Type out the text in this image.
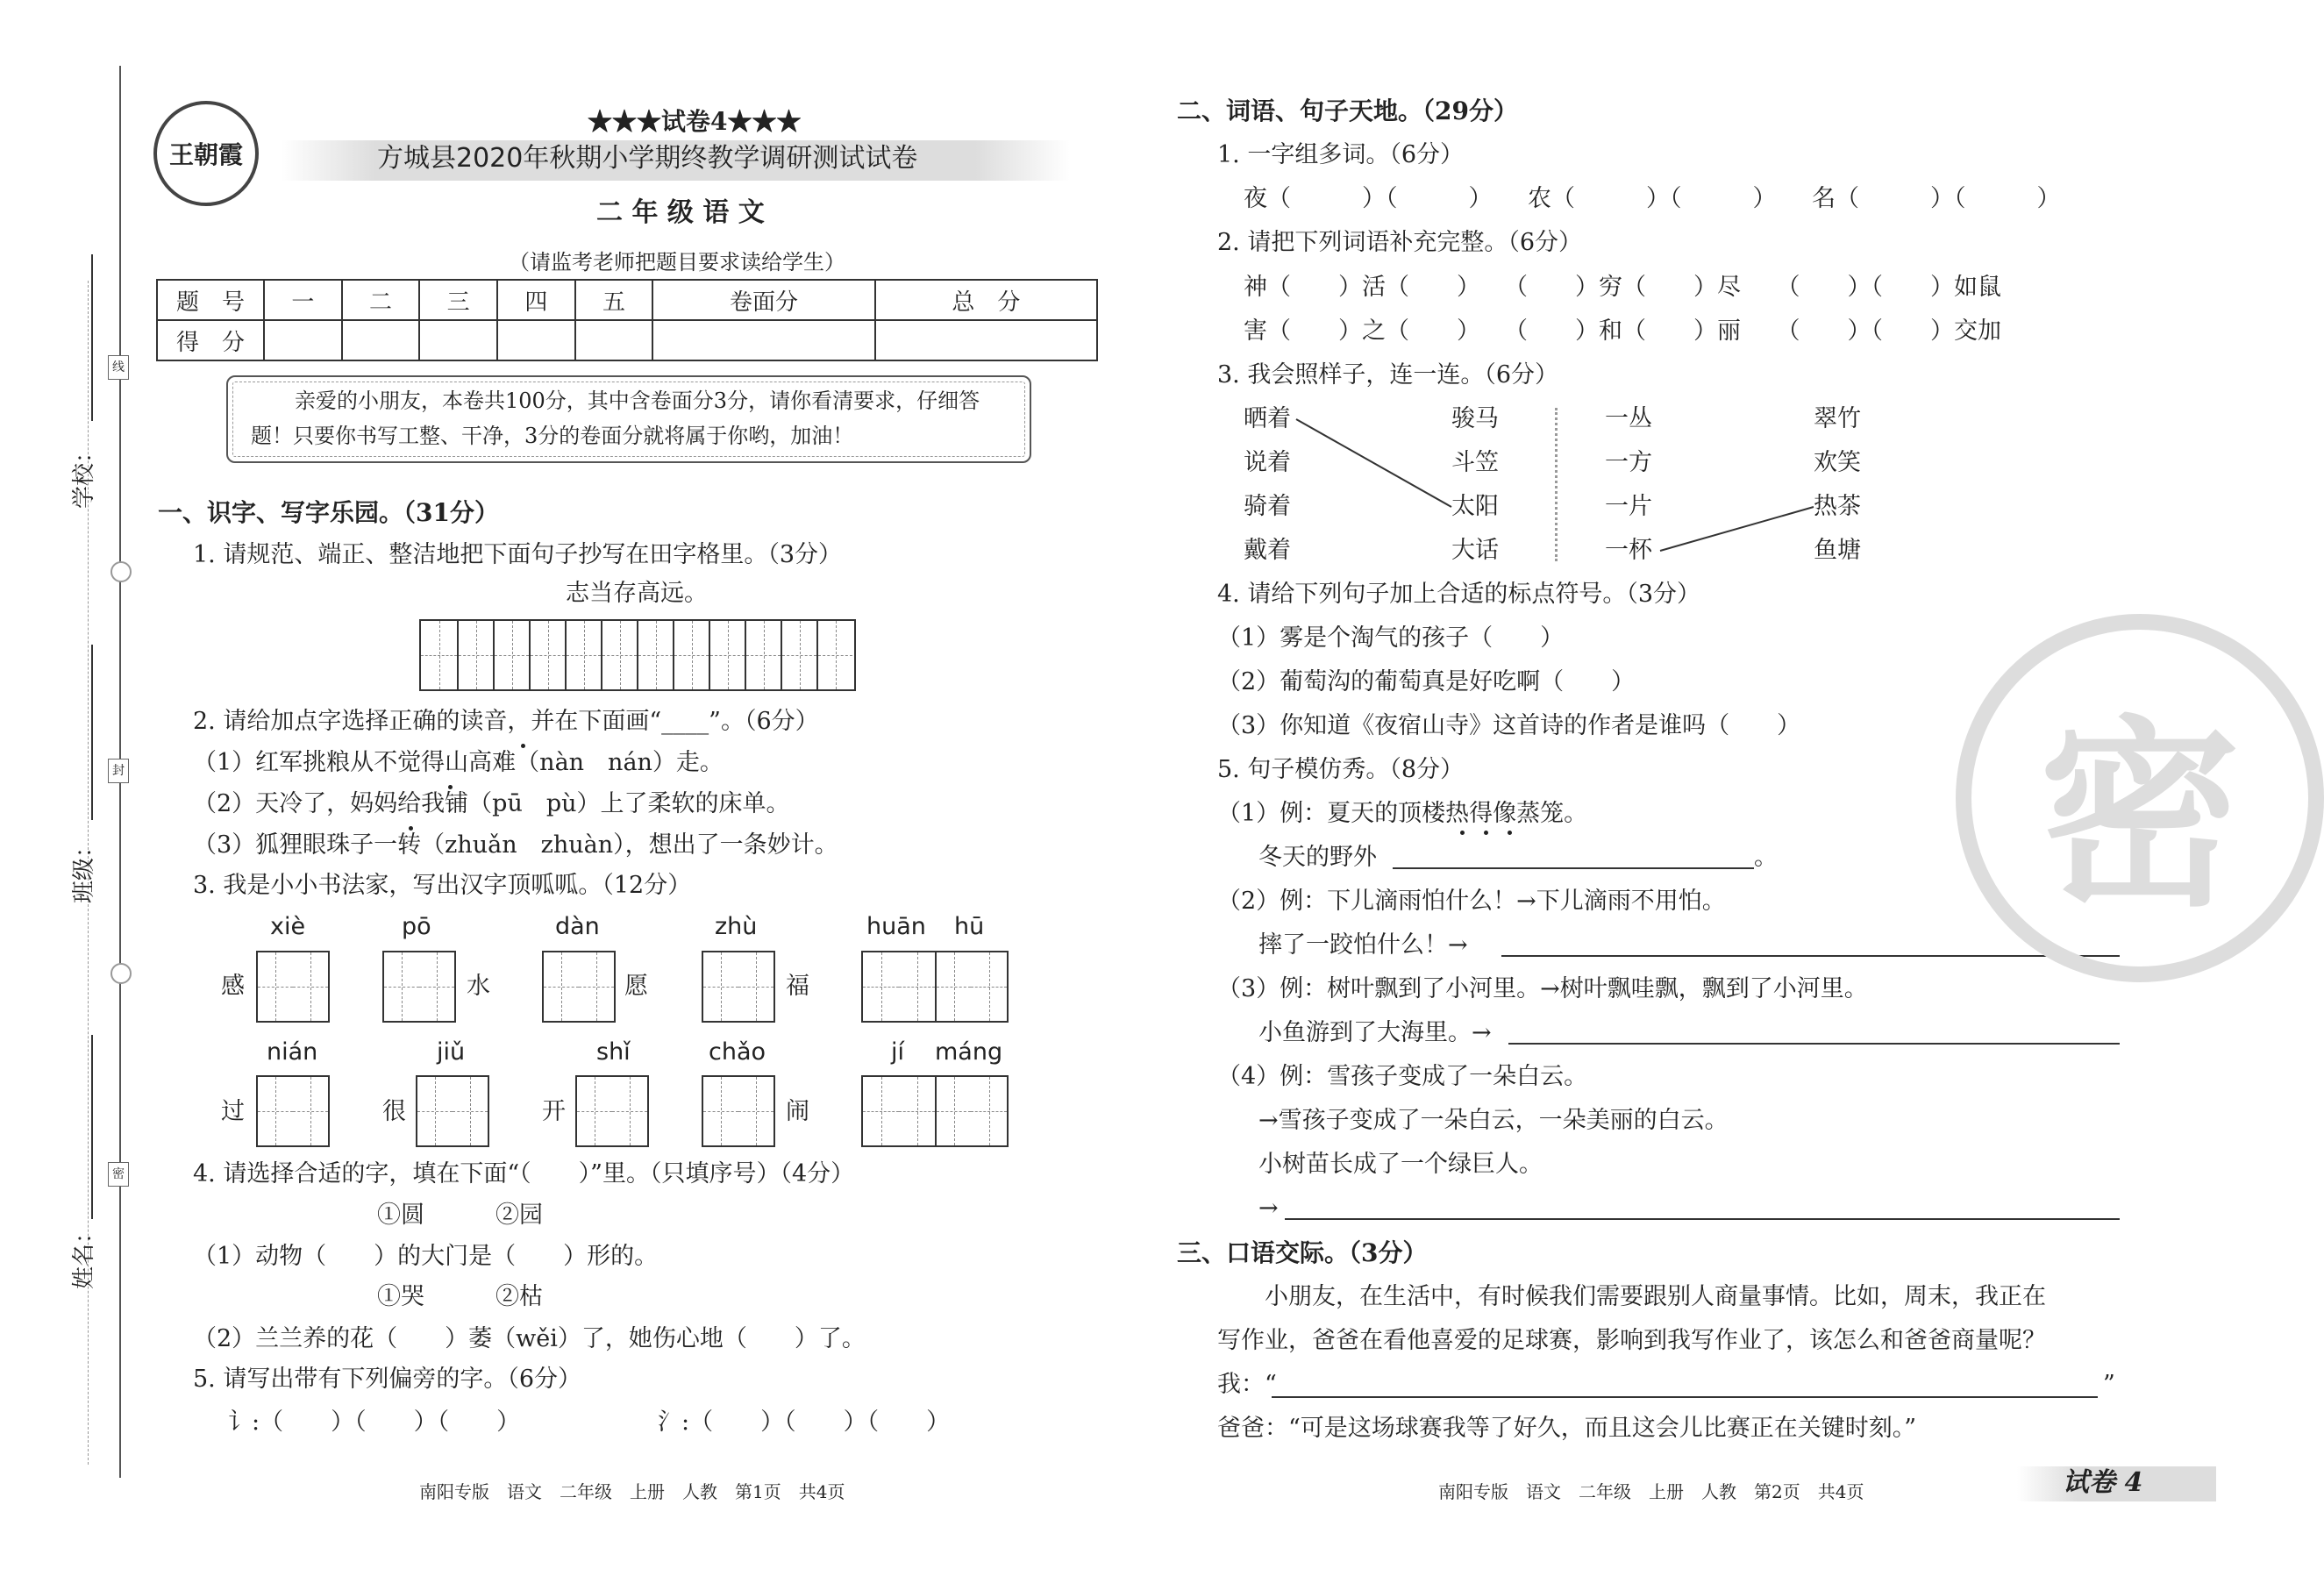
学校：
班级：
姓名：
线
封
密
王朝霞
★★★试卷4★★★
方城县2020年秋期小学期终教学调研测试试卷
二 年 级 语 文
（请监考老师把题目要求读给学生）
题　号	一	二	三	四	五	卷面分	总　分
得　分							
亲爱的小朋友，本卷共100分，其中含卷面分3分，请你看清要求，仔细答
题！只要你书写工整、干净，3分的卷面分就将属于你哟，加油！
一、识字、写字乐园。（31分）
1. 请规范、端正、整洁地把下面句子抄写在田字格里。（3分）
志当存高远。
2. 请给加点字选择正确的读音，并在下面画“____”。（6分）
（1）红军挑粮从不觉得山高难（nàn　nán）走。
（2）天冷了，妈妈给我铺（pū　pù）上了柔软的床单。
（3）狐狸眼珠子一转（zhuǎn　zhuàn），想出了一条妙计。
3. 我是小小书法家，写出汉字顶呱呱。（12分）
xiè	pō	dàn	zhù	huān hū
感	水	愿	福
nián	jiǔ	shǐ	chǎo	jí máng
过	很	开	闹
4. 请选择合适的字，填在下面“（　　）”里。（只填序号）（4分）
①圆　　　②园
（1）动物（　　）的大门是（　　）形的。
①哭　　　②枯
（2）兰兰养的花（　　）萎（wěi）了，她伤心地（　　）了。
5. 请写出带有下列偏旁的字。（6分）
讠:（　　）（　　）（　　）	氵:（　　）（　　）（　　）
南阳专版　语文　二年级　上册　人教　第1页　共4页
二、词语、句子天地。（29分）
1. 一字组多词。（6分）
夜（　　　）（　　　）　　农（　　　）（　　　）　　名（　　　）（　　　）
2. 请把下列词语补充完整。（6分）
神（　　）活（　　）　　（　　）穷（　　）尽　　（　　）（　　）如鼠
害（　　）之（　　）　　（　　）和（　　）丽　　（　　）（　　）交加
3. 我会照样子，连一连。（6分）
晒着
说着
骑着
戴着
骏马
斗笠
太阳
大话
一丛
一方
一片
一杯
翠竹
欢笑
热茶
鱼塘
4. 请给下列句子加上合适的标点符号。（3分）
（1）雾是个淘气的孩子（　　）
（2）葡萄沟的葡萄真是好吃啊（　　）
（3）你知道《夜宿山寺》这首诗的作者是谁吗（　　）
5. 句子模仿秀。（8分）
（1）例：夏天的顶楼热得像蒸笼。
冬天的野外	。
（2）例：下儿滴雨怕什么！→下儿滴雨不用怕。
摔了一跤怕什么！→
（3）例：树叶飘到了小河里。→树叶飘哇飘，飘到了小河里。
小鱼游到了大海里。→
（4）例：雪孩子变成了一朵白云。
→雪孩子变成了一朵白云，一朵美丽的白云。
小树苗长成了一个绿巨人。
→
三、口语交际。（3分）
小朋友，在生活中，有时候我们需要跟别人商量事情。比如，周末，我正在
写作业，爸爸在看他喜爱的足球赛，影响到我写作业了，该怎么和爸爸商量呢？
我：“	”
爸爸：“可是这场球赛我等了好久，而且这会儿比赛正在关键时刻。”
南阳专版　语文　二年级　上册　人教　第2页　共4页	试卷 4
密
